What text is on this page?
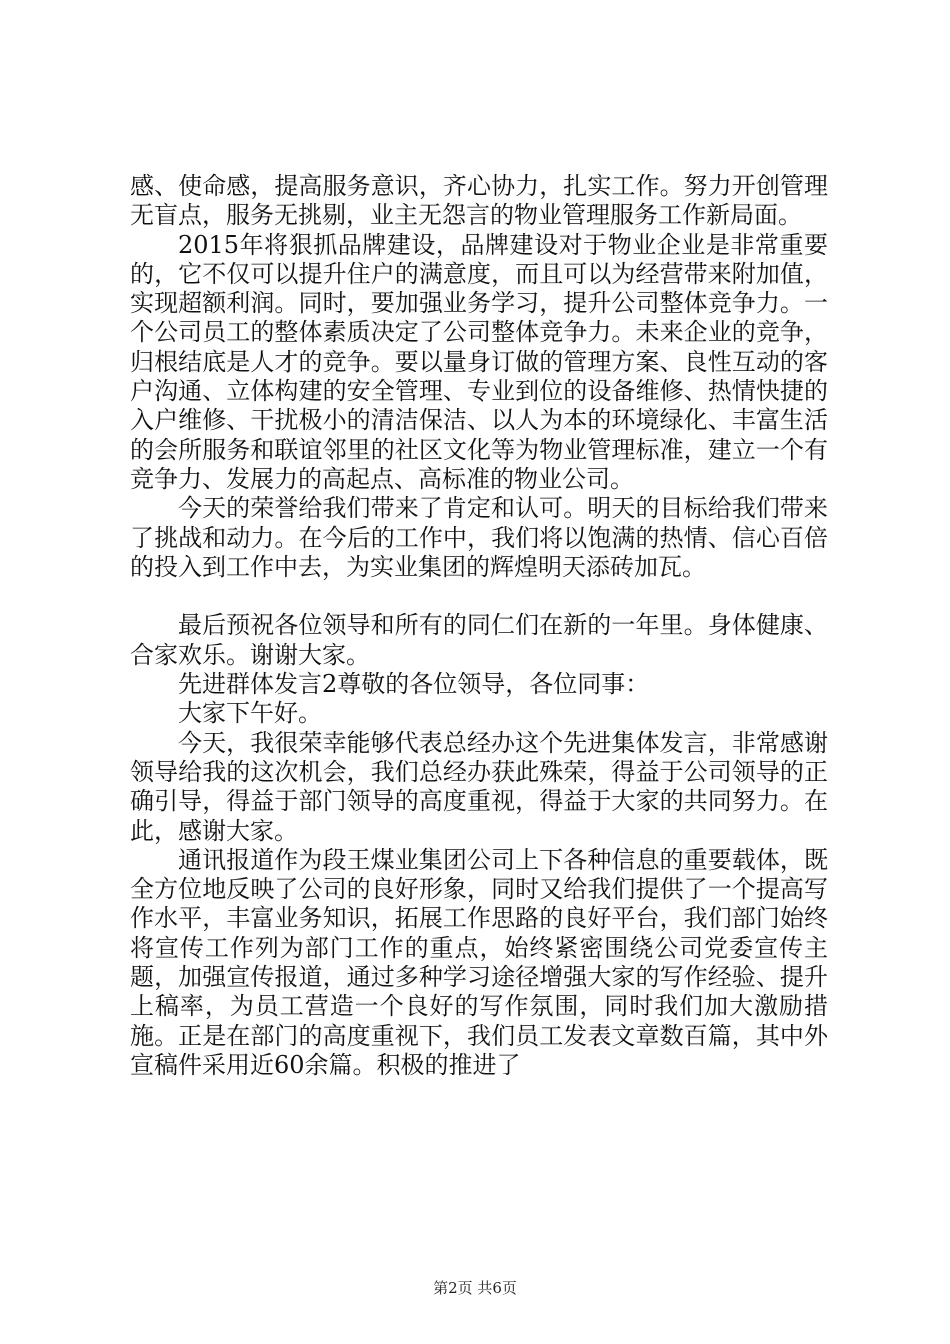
感、使命感，提高服务意识，齐心协力，扎实工作。努力开创管理无盲点，服务无挑剔，业主无怨言的物业管理服务工作新局面。

2015年将狠抓品牌建设，品牌建设对于物业企业是非常重要的，它不仅可以提升住户的满意度，而且可以为经营带来附加值，实现超额利润。同时，要加强业务学习，提升公司整体竞争力。一个公司员工的整体素质决定了公司整体竞争力。未来企业的竞争，归根结底是人才的竞争。要以量身订做的管理方案、良性互动的客户沟通、立体构建的安全管理、专业到位的设备维修、热情快捷的入户维修、干扰极小的清洁保洁、以人为本的环境绿化、丰富生活的会所服务和联谊邻里的社区文化等为物业管理标准，建立一个有竞争力、发展力的高起点、高标准的物业公司。

今天的荣誉给我们带来了肯定和认可。明天的目标给我们带来了挑战和动力。在今后的工作中，我们将以饱满的热情、信心百倍的投入到工作中去，为实业集团的辉煌明天添砖加瓦。

最后预祝各位领导和所有的同仁们在新的一年里。身体健康、合家欢乐。谢谢大家。

先进群体发言2尊敬的各位领导，各位同事：

大家下午好。

今天，我很荣幸能够代表总经办这个先进集体发言，非常感谢领导给我的这次机会，我们总经办获此殊荣，得益于公司领导的正确引导，得益于部门领导的高度重视，得益于大家的共同努力。在此，感谢大家。

通讯报道作为段王煤业集团公司上下各种信息的重要载体，既全方位地反映了公司的良好形象，同时又给我们提供了一个提高写作水平，丰富业务知识，拓展工作思路的良好平台，我们部门始终将宣传工作列为部门工作的重点，始终紧密围绕公司党委宣传主题，加强宣传报道，通过多种学习途径增强大家的写作经验、提升上稿率，为员工营造一个良好的写作氛围，同时我们加大激励措施。正是在部门的高度重视下，我们员工发表文章数百篇，其中外宣稿件采用近60余篇。积极的推进了

第2页 共6页
